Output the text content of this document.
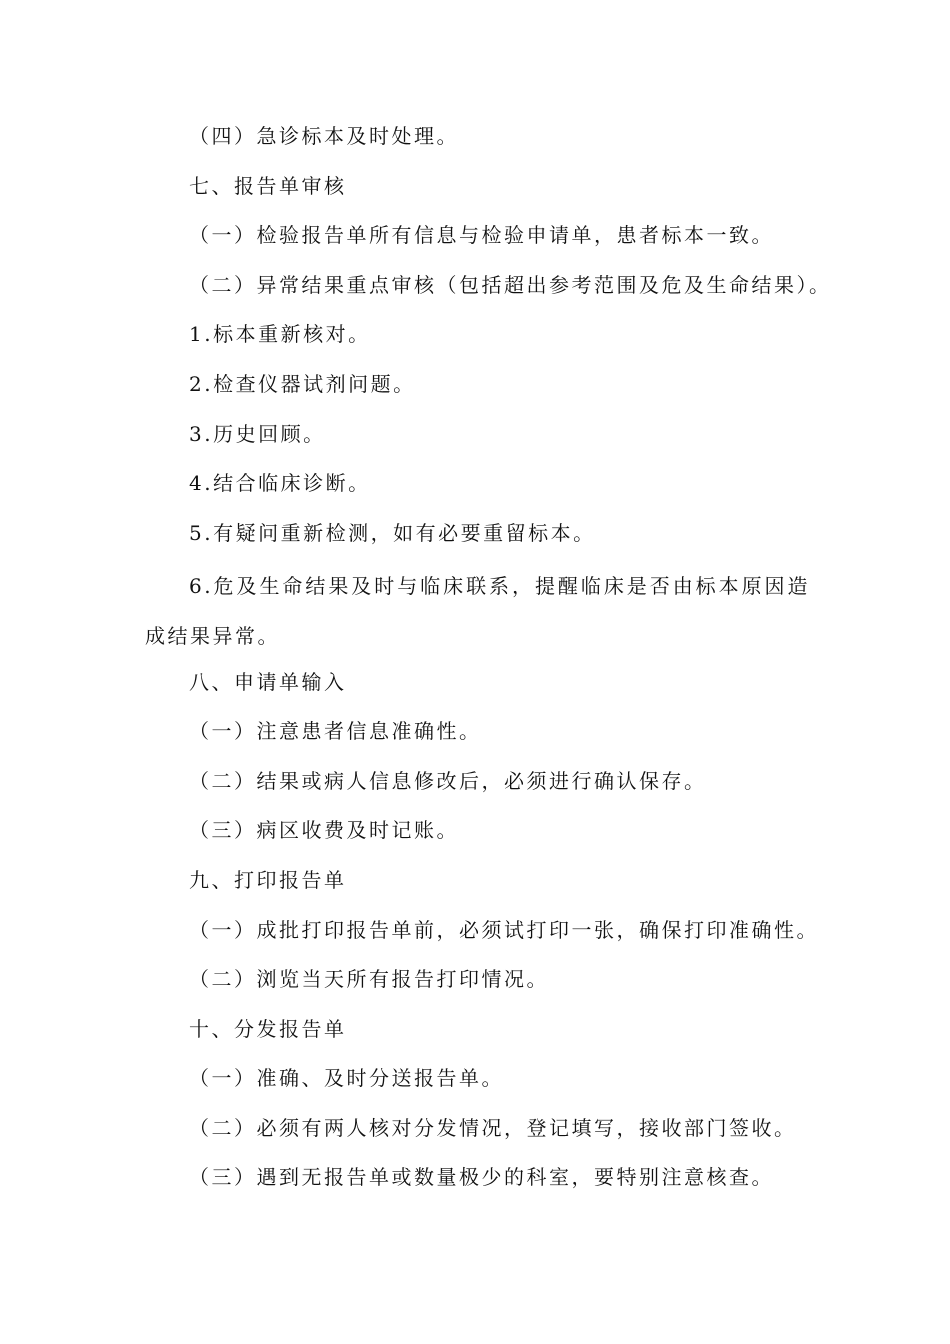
（四）急诊标本及时处理。
七、报告单审核
（一）检验报告单所有信息与检验申请单，患者标本一致。
（二）异常结果重点审核（包括超出参考范围及危及生命结果）。
1.标本重新核对。
2.检查仪器试剂问题。
3.历史回顾。
4.结合临床诊断。
5.有疑问重新检测，如有必要重留标本。

6.危及生命结果及时与临床联系，提醒临床是否由标本原因造成结果异常。

八、申请单输入
（一）注意患者信息准确性。
（二）结果或病人信息修改后，必须进行确认保存。
（三）病区收费及时记账。
九、打印报告单
（一）成批打印报告单前，必须试打印一张，确保打印准确性。
（二）浏览当天所有报告打印情况。
十、分发报告单
（一）准确、及时分送报告单。
（二）必须有两人核对分发情况，登记填写，接收部门签收。
（三）遇到无报告单或数量极少的科室，要特别注意核查。
